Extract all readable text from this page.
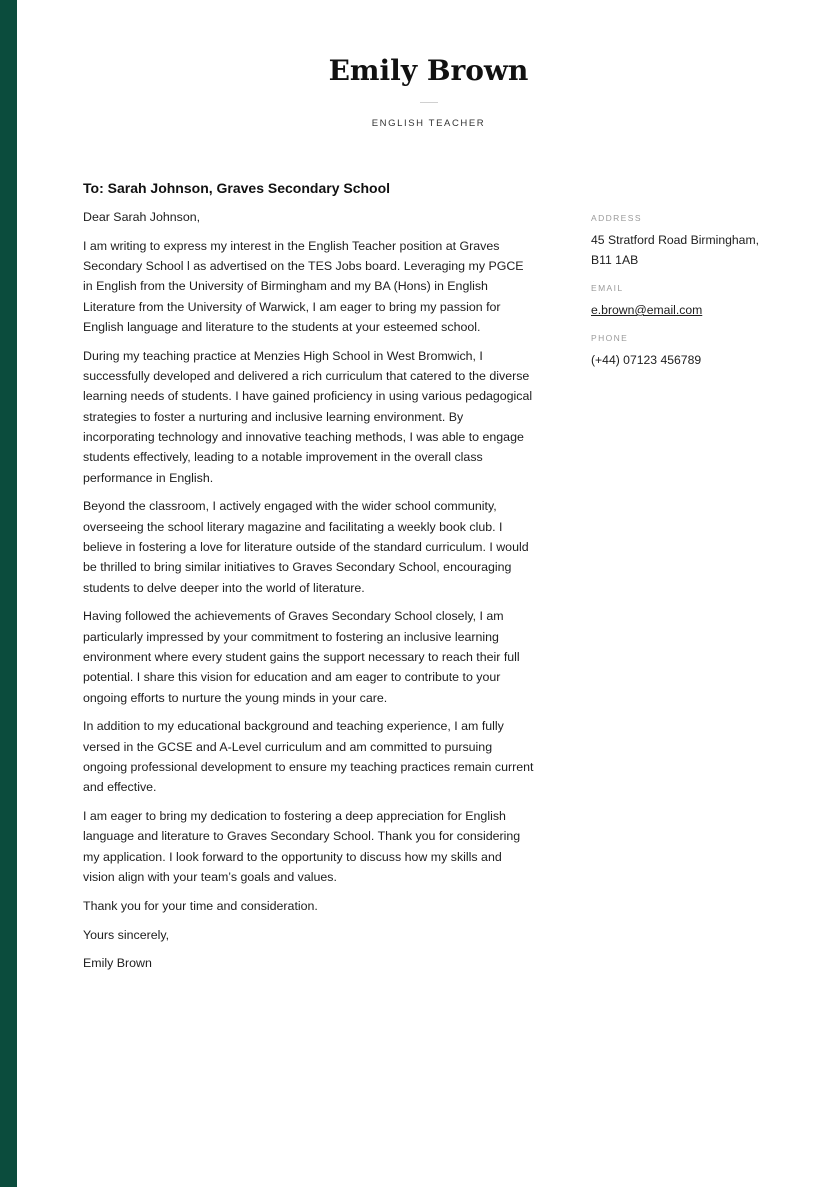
Emily Brown
ENGLISH TEACHER
To: Sarah Johnson, Graves Secondary School

Dear Sarah Johnson,

I am writing to express my interest in the English Teacher position at Graves Secondary School l as advertised on the TES Jobs board. Leveraging my PGCE in English from the University of Birmingham and my BA (Hons) in English Literature from the University of Warwick, I am eager to bring my passion for English language and literature to the students at your esteemed school.

During my teaching practice at Menzies High School in West Bromwich, I successfully developed and delivered a rich curriculum that catered to the diverse learning needs of students. I have gained proficiency in using various pedagogical strategies to foster a nurturing and inclusive learning environment. By incorporating technology and innovative teaching methods, I was able to engage students effectively, leading to a notable improvement in the overall class performance in English.

Beyond the classroom, I actively engaged with the wider school community, overseeing the school literary magazine and facilitating a weekly book club. I believe in fostering a love for literature outside of the standard curriculum. I would be thrilled to bring similar initiatives to Graves Secondary School, encouraging students to delve deeper into the world of literature.

Having followed the achievements of Graves Secondary School closely, I am particularly impressed by your commitment to fostering an inclusive learning environment where every student gains the support necessary to reach their full potential. I share this vision for education and am eager to contribute to your ongoing efforts to nurture the young minds in your care.

In addition to my educational background and teaching experience, I am fully versed in the GCSE and A-Level curriculum and am committed to pursuing ongoing professional development to ensure my teaching practices remain current and effective.

I am eager to bring my dedication to fostering a deep appreciation for English language and literature to Graves Secondary School. Thank you for considering my application. I look forward to the opportunity to discuss how my skills and vision align with your team’s goals and values.

Thank you for your time and consideration.

Yours sincerely,

Emily Brown

ADDRESS
45 Stratford Road Birmingham, B11 1AB
EMAIL
e.brown@email.com
PHONE
(+44) 07123 456789
